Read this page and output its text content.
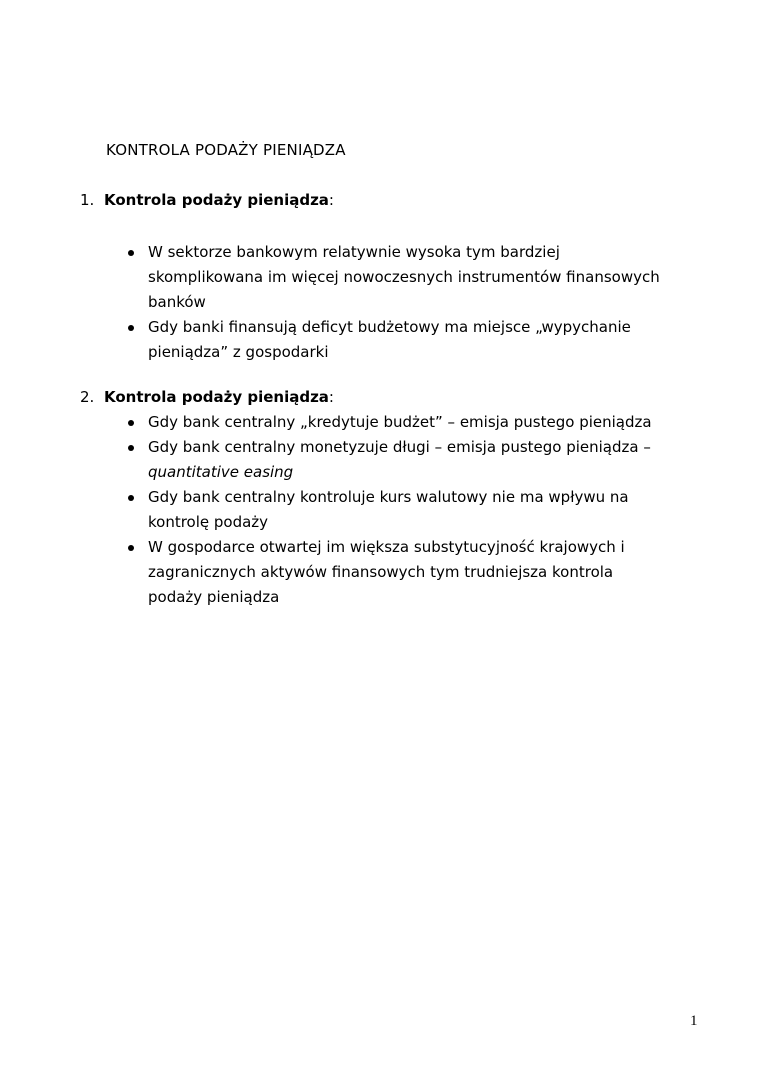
KONTROLA PODAŻY PIENIĄDZA
1. Kontrola podaży pieniądza:
W sektorze bankowym relatywnie wysoka tym bardziej
skomplikowana im więcej nowoczesnych instrumentów finansowych
banków
Gdy banki finansują deficyt budżetowy ma miejsce „wypychanie
pieniądza” z gospodarki
2. Kontrola podaży pieniądza:
Gdy bank centralny „kredytuje budżet” – emisja pustego pieniądza
Gdy bank centralny monetyzuje długi – emisja pustego pieniądza –
quantitative easing
Gdy bank centralny kontroluje kurs walutowy nie ma wpływu na
kontrolę podaży
W gospodarce otwartej im większa substytucyjność krajowych i
zagranicznych aktywów finansowych tym trudniejsza kontrola
podaży pieniądza
1
